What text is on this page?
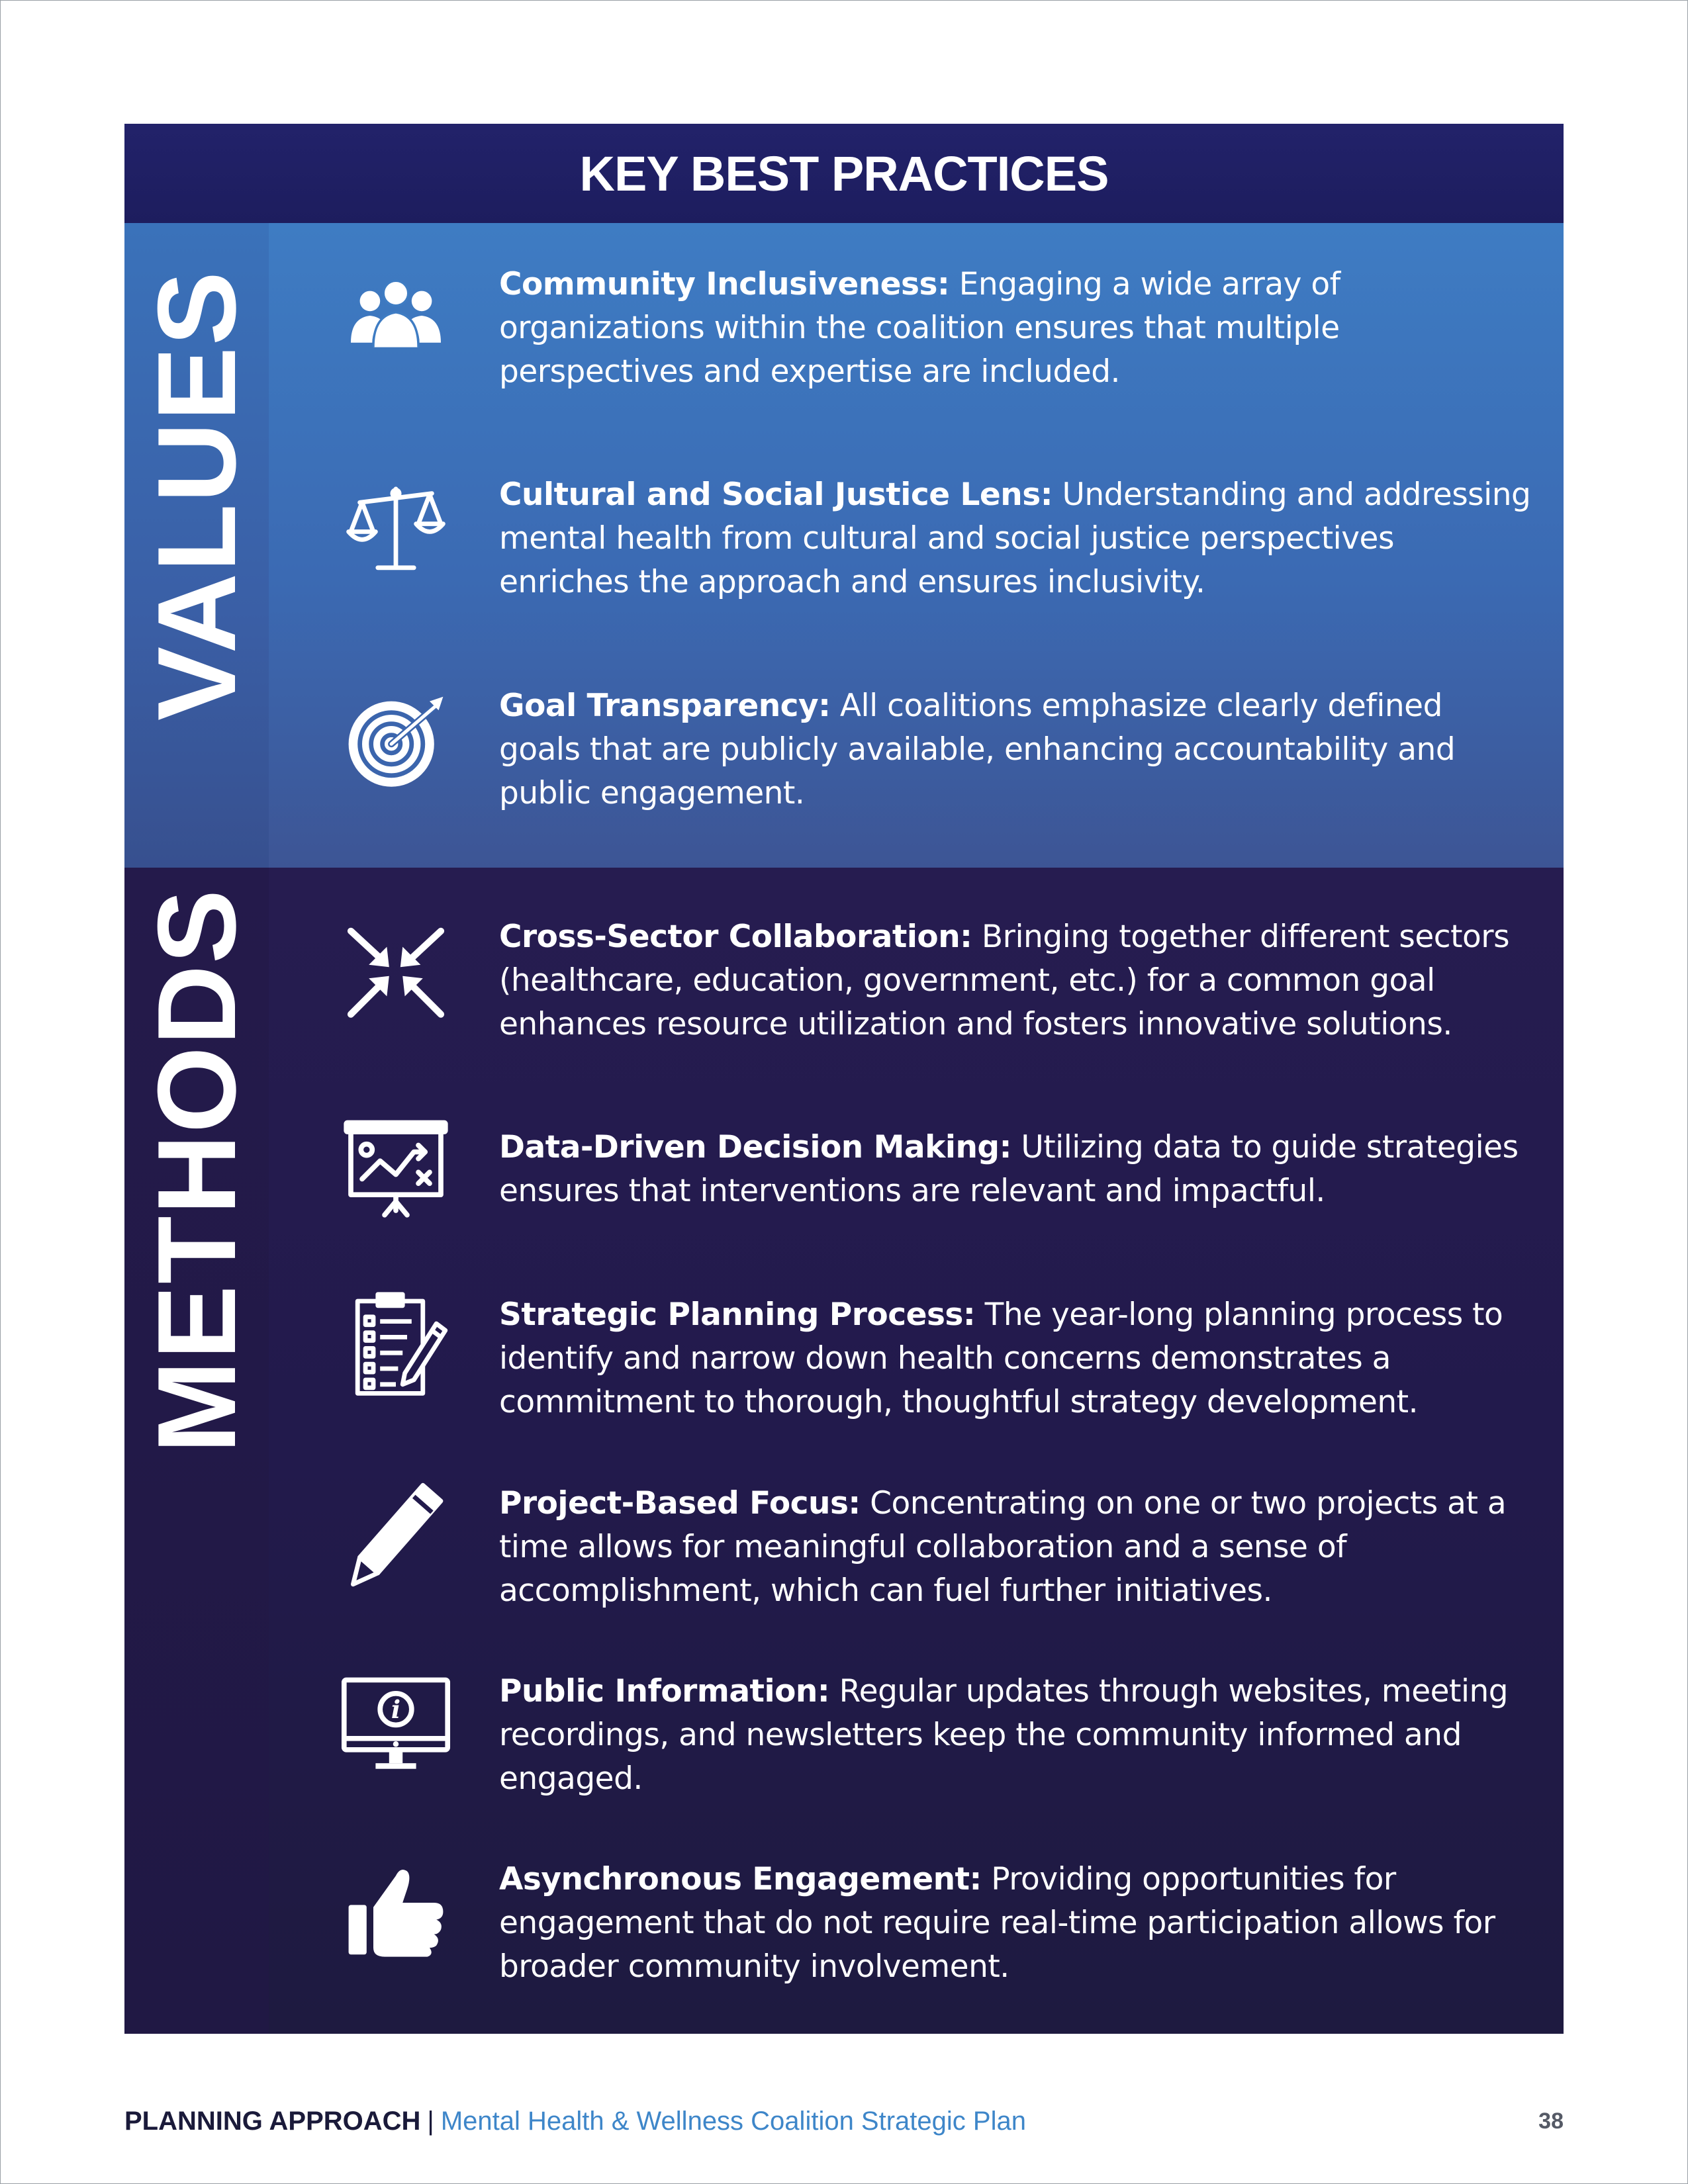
KEY BEST PRACTICES
VALUES	Community Inclusiveness: Engaging a wide array of organizations within the coalition ensures that multiple perspectives and expertise are included.
Cultural and Social Justice Lens: Understanding and addressing mental health from cultural and social justice perspectives enriches the approach and ensures inclusivity.
Goal Transparency: All coalitions emphasize clearly defined goals that are publicly available, enhancing accountability and public engagement.
METHODS	Cross-Sector Collaboration: Bringing together different sectors (healthcare, education, government, etc.) for a common goal enhances resource utilization and fosters innovative solutions.
Data-Driven Decision Making: Utilizing data to guide strategies ensures that interventions are relevant and impactful.
Strategic Planning Process: The year-long planning process to identify and narrow down health concerns demonstrates a commitment to thorough, thoughtful strategy development.
Project-Based Focus: Concentrating on one or two projects at a time allows for meaningful collaboration and a sense of accomplishment, which can fuel further initiatives.
i
Public Information: Regular updates through websites, meeting recordings, and newsletters keep the community informed and engaged.
Asynchronous Engagement: Providing opportunities for engagement that do not require real-time participation allows for broader community involvement.
PLANNING APPROACH | Mental Health & Wellness Coalition Strategic Plan	38
